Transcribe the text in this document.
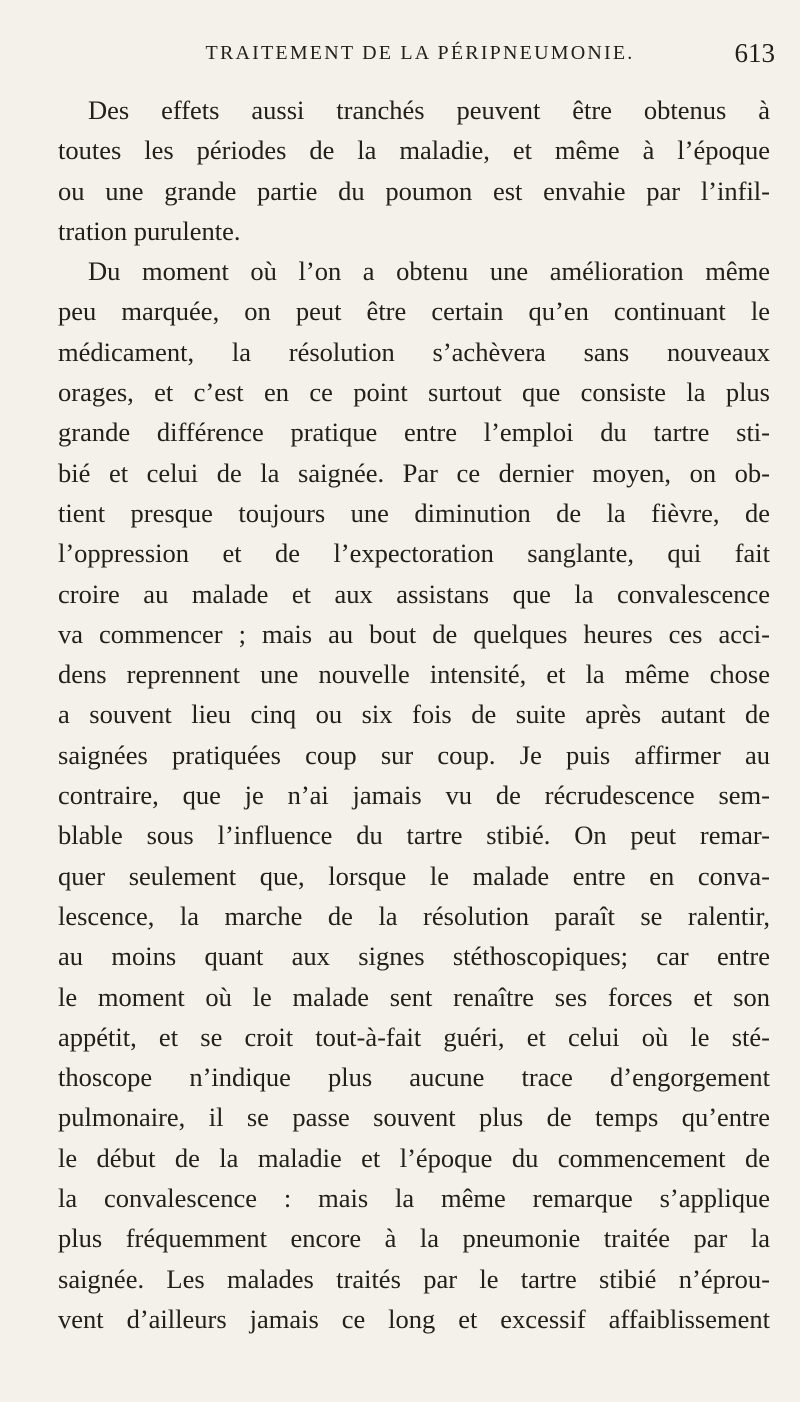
TRAITEMENT DE LA PÉRIPNEUMONIE.	613
Des effets aussi tranchés peuvent être obtenus à
toutes les périodes de la maladie, et même à l’époque
ou une grande partie du poumon est envahie par l’infil-
tration purulente.
Du moment où l’on a obtenu une amélioration même
peu marquée, on peut être certain qu’en continuant le
médicament, la résolution s’achèvera sans nouveaux
orages, et c’est en ce point surtout que consiste la plus
grande différence pratique entre l’emploi du tartre sti-
bié et celui de la saignée. Par ce dernier moyen, on ob-
tient presque toujours une diminution de la fièvre, de
l’oppression et de l’expectoration sanglante, qui fait
croire au malade et aux assistans que la convalescence
va commencer ; mais au bout de quelques heures ces acci-
dens reprennent une nouvelle intensité, et la même chose
a souvent lieu cinq ou six fois de suite après autant de
saignées pratiquées coup sur coup. Je puis affirmer au
contraire, que je n’ai jamais vu de récrudescence sem-
blable sous l’influence du tartre stibié. On peut remar-
quer seulement que, lorsque le malade entre en conva-
lescence, la marche de la résolution paraît se ralentir,
au moins quant aux signes stéthoscopiques; car entre
le moment où le malade sent renaître ses forces et son
appétit, et se croit tout-à-fait guéri, et celui où le sté-
thoscope n’indique plus aucune trace d’engorgement
pulmonaire, il se passe souvent plus de temps qu’entre
le début de la maladie et l’époque du commencement de
la convalescence : mais la même remarque s’applique
plus fréquemment encore à la pneumonie traitée par la
saignée. Les malades traités par le tartre stibié n’éprou-
vent d’ailleurs jamais ce long et excessif affaiblissement
